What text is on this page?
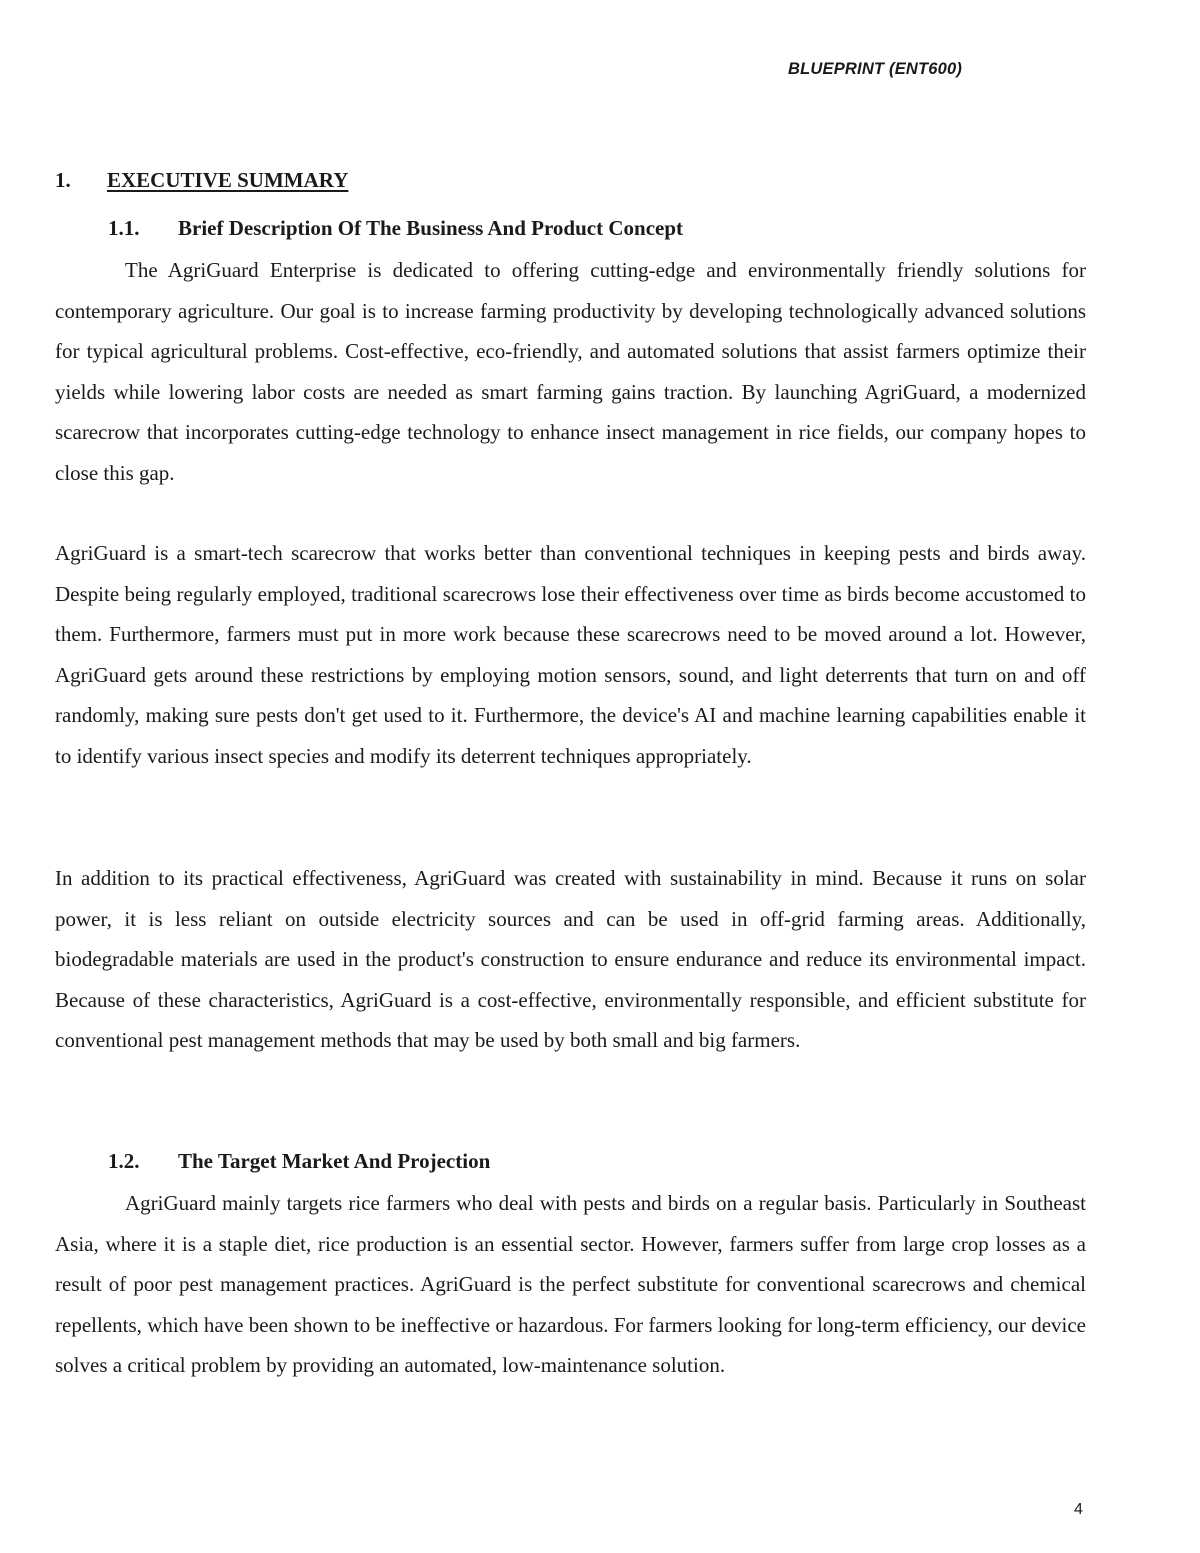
BLUEPRINT (ENT600)
1. EXECUTIVE SUMMARY
1.1. Brief Description Of The Business And Product Concept

The AgriGuard Enterprise is dedicated to offering cutting-edge and environmentally friendly solutions for contemporary agriculture. Our goal is to increase farming productivity by developing technologically advanced solutions for typical agricultural problems. Cost-effective, eco-friendly, and automated solutions that assist farmers optimize their yields while lowering labor costs are needed as smart farming gains traction. By launching AgriGuard, a modernized scarecrow that incorporates cutting-edge technology to enhance insect management in rice fields, our company hopes to close this gap.

AgriGuard is a smart-tech scarecrow that works better than conventional techniques in keeping pests and birds away. Despite being regularly employed, traditional scarecrows lose their effectiveness over time as birds become accustomed to them. Furthermore, farmers must put in more work because these scarecrows need to be moved around a lot. However, AgriGuard gets around these restrictions by employing motion sensors, sound, and light deterrents that turn on and off randomly, making sure pests don't get used to it. Furthermore, the device's AI and machine learning capabilities enable it to identify various insect species and modify its deterrent techniques appropriately.

In addition to its practical effectiveness, AgriGuard was created with sustainability in mind. Because it runs on solar power, it is less reliant on outside electricity sources and can be used in off-grid farming areas. Additionally, biodegradable materials are used in the product's construction to ensure endurance and reduce its environmental impact. Because of these characteristics, AgriGuard is a cost-effective, environmentally responsible, and efficient substitute for conventional pest management methods that may be used by both small and big farmers.

1.2. The Target Market And Projection

AgriGuard mainly targets rice farmers who deal with pests and birds on a regular basis. Particularly in Southeast Asia, where it is a staple diet, rice production is an essential sector. However, farmers suffer from large crop losses as a result of poor pest management practices. AgriGuard is the perfect substitute for conventional scarecrows and chemical repellents, which have been shown to be ineffective or hazardous. For farmers looking for long-term efficiency, our device solves a critical problem by providing an automated, low-maintenance solution.

4
